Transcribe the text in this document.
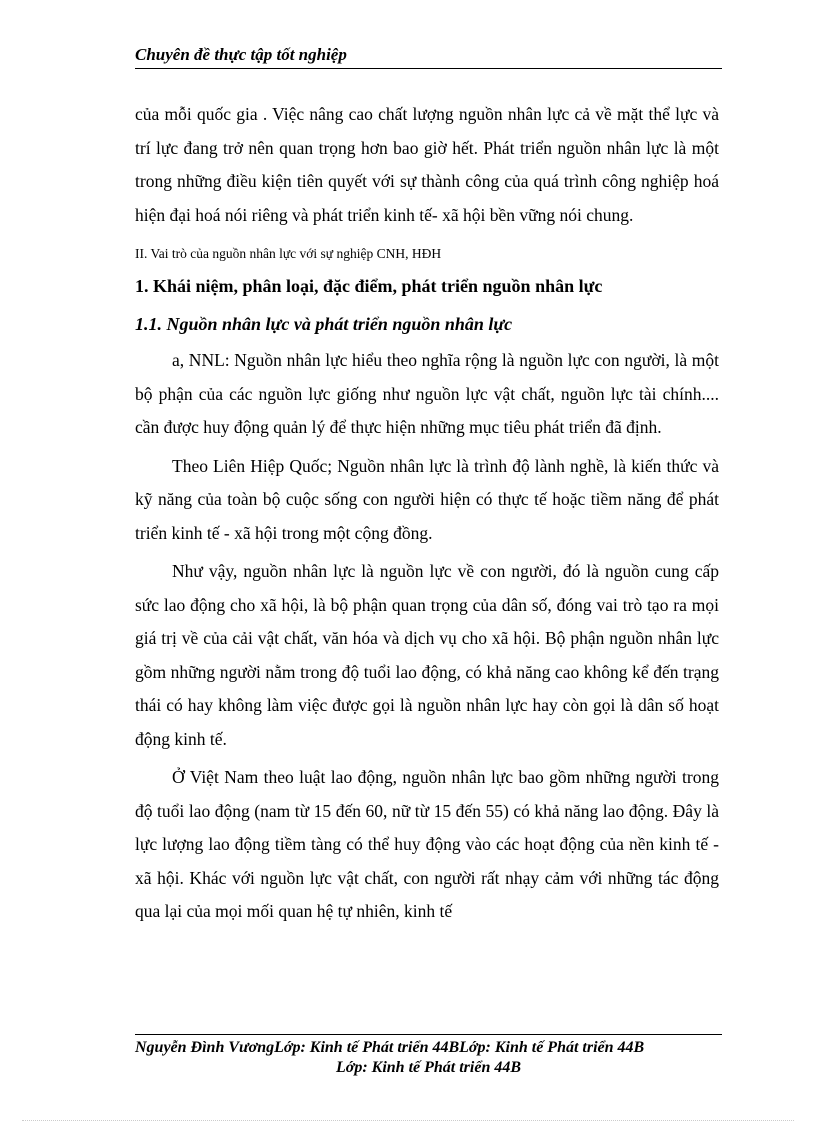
Chuyên đề thực tập tốt nghiệp

của mỗi quốc gia . Việc nâng cao chất lượng nguồn nhân lực cả về mặt thể lực và trí lực đang trở nên quan trọng hơn bao giờ hết. Phát triển nguồn nhân lực là một trong những điều kiện tiên quyết với sự thành công của quá trình công nghiệp hoá hiện đại hoá nói riêng và phát triển kinh tế- xã hội bền vững nói chung.

II. Vai trò của nguồn nhân lực với sự nghiệp CNH, HĐH
1. Khái niệm, phân loại, đặc điểm, phát triển nguồn nhân lực
1.1. Nguồn nhân lực và phát triển nguồn nhân lực

a, NNL: Nguồn nhân lực hiểu theo nghĩa rộng là nguồn lực con người, là một bộ phận của các nguồn lực giống như nguồn lực vật chất, nguồn lực tài chính.... cần được huy động quản lý để thực hiện những mục tiêu phát triển đã định.

Theo Liên Hiệp Quốc; Nguồn nhân lực là trình độ lành nghề, là kiến thức và kỹ năng của toàn bộ cuộc sống con người hiện có thực tế hoặc tiềm năng để phát triển kinh tế - xã hội trong một cộng đồng.

Như vậy, nguồn nhân lực là nguồn lực về con người, đó là nguồn cung cấp sức lao động cho xã hội, là bộ phận quan trọng của dân số, đóng vai trò tạo ra mọi giá trị về của cải vật chất, văn hóa và dịch vụ cho xã hội. Bộ phận nguồn nhân lực gồm những người nằm trong độ tuổi lao động, có khả năng cao không kể đến trạng thái có hay không làm việc được gọi là nguồn nhân lực hay còn gọi là dân số hoạt động kinh tế.

Ở Việt Nam theo luật lao động, nguồn nhân lực bao gồm những người trong độ tuổi lao động (nam từ 15 đến 60, nữ từ 15 đến 55) có khả năng lao động. Đây là lực lượng lao động tiềm tàng có thể huy động vào các hoạt động của nền kinh tế - xã hội. Khác với nguồn lực vật chất, con người rất nhạy cảm với những tác động qua lại của mọi mối quan hệ tự nhiên, kinh tế

Nguyễn Đình VươngLớp: Kinh tế Phát triển 44BLớp: Kinh tế Phát triển 44B
Lớp: Kinh tế Phát triển 44B
